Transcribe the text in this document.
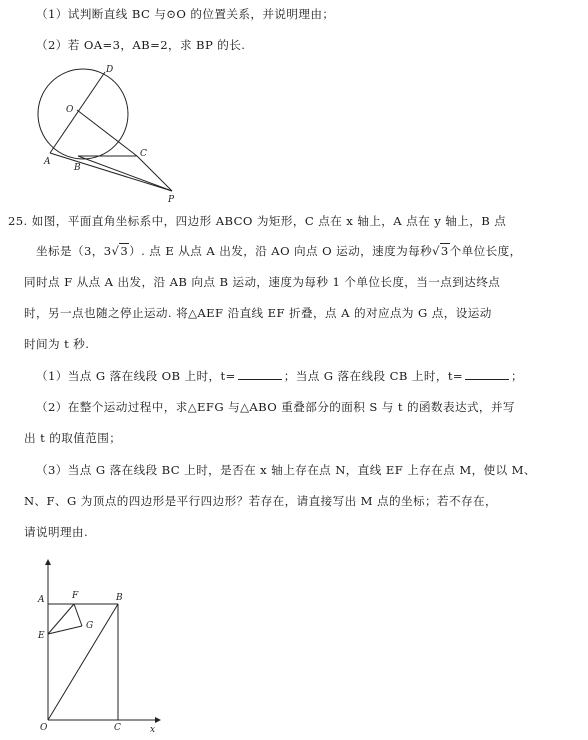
（1）试判断直线 BC 与⊙O 的位置关系，并说明理由；
（2）若 OA=3，AB=2，求 BP 的长.
D
O
A
B
C
P
25. 如图，平面直角坐标系中，四边形 ABCO 为矩形，C 点在 x 轴上，A 点在 y 轴上，B 点
坐标是（3，3√3）. 点 E 从点 A 出发，沿 AO 向点 O 运动，速度为每秒√3个单位长度，
同时点 F 从点 A 出发，沿 AB 向点 B 运动，速度为每秒 1 个单位长度，当一点到达终点
时，另一点也随之停止运动. 将△AEF 沿直线 EF 折叠，点 A 的对应点为 G 点，设运动
时间为 t 秒.
（1）当点 G 落在线段 OB 上时，t=	；当点 G 落在线段 CB 上时，t=	；
（2）在整个运动过程中，求△EFG 与△ABO 重叠部分的面积 S 与 t 的函数表达式，并写
出 t 的取值范围；
（3）当点 G 落在线段 BC 上时，是否在 x 轴上存在点 N，直线 EF 上存在点 M，使以 M、
N、F、G 为顶点的四边形是平行四边形？若存在，请直接写出 M 点的坐标；若不存在，
请说明理由.
A	F	B
E
G
O	C	x
